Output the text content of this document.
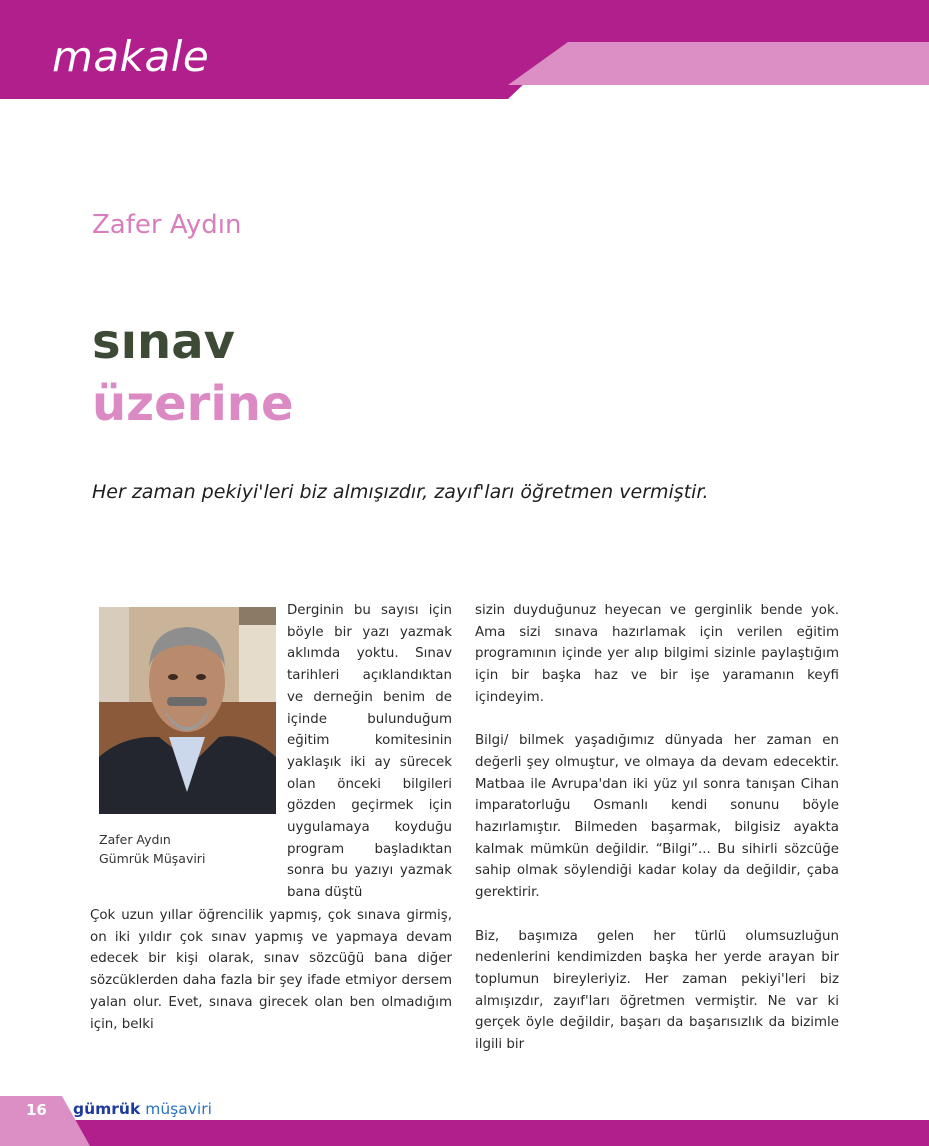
makale
Zafer Aydın
sınav
üzerine
Her zaman pekiyi'leri biz almışızdır, zayıf'ları öğretmen vermiştir.
Zafer Aydın
Gümrük Müşaviri

Derginin bu sayısı için böyle bir yazı yazmak aklımda yoktu. Sınav tarihleri açıklandıktan ve derneğin benim de içinde bulunduğum eğitim komitesinin yaklaşık iki ay sürecek olan önceki bilgileri gözden geçirmek için uygulamaya koyduğu program başladıktan sonra bu yazıyı yazmak bana düştü

Çok uzun yıllar öğrencilik yapmış, çok sınava girmiş, on iki yıldır çok sınav yapmış ve yapmaya devam edecek bir kişi olarak, sınav sözcüğü bana diğer sözcüklerden daha fazla bir şey ifade etmiyor dersem yalan olur. Evet, sınava girecek olan ben olmadığım için, belki

sizin duyduğunuz heyecan ve gerginlik bende yok. Ama sizi sınava hazırlamak için verilen eğitim programının içinde yer alıp bilgimi sizinle paylaştığım için bir başka haz ve bir işe yaramanın keyfi içindeyim.

Bilgi/ bilmek yaşadığımız dünyada her zaman en değerli şey olmuştur, ve olmaya da devam edecektir. Matbaa ile Avrupa'dan iki yüz yıl sonra tanışan Cihan imparatorluğu Osmanlı kendi sonunu böyle hazırlamıştır. Bilmeden başarmak, bilgisiz ayakta kalmak mümkün değildir. “Bilgi”... Bu sihirli sözcüğe sahip olmak söylendiği kadar kolay da değildir, çaba gerektirir.

Biz, başımıza gelen her türlü olumsuzluğun nedenlerini kendimizden başka her yerde arayan bir toplumun bireyleriyiz. Her zaman pekiyi'leri biz almışızdır, zayıf'ları öğretmen vermiştir. Ne var ki gerçek öyle değildir, başarı da başarısızlık da bizimle ilgili bir

16 gümrük müşaviri
